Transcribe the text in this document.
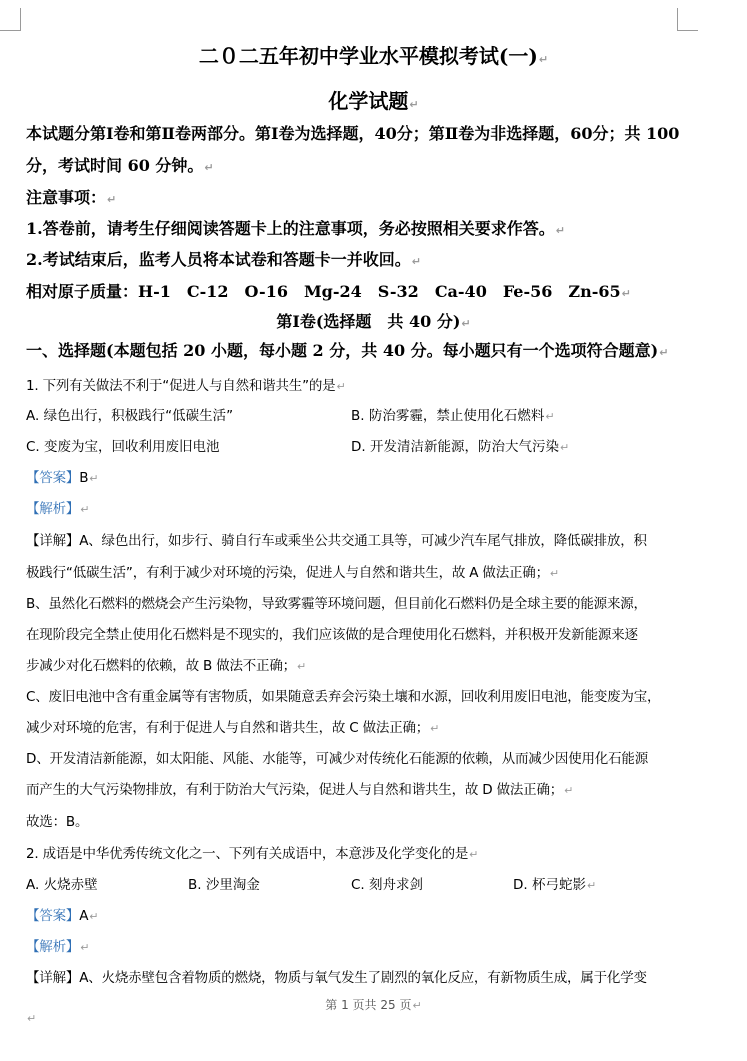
二０二五年初中学业水平模拟考试(一)↵
化学试题↵
本试题分第Ⅰ卷和第Ⅱ卷两部分。第Ⅰ卷为选择题，40分；第Ⅱ卷为非选择题，60分；共 100
分，考试时间 60 分钟。↵
注意事项：↵
1.答卷前，请考生仔细阅读答题卡上的注意事项，务必按照相关要求作答。↵
2.考试结束后，监考人员将本试卷和答题卡一并收回。↵
相对原子质量：H-1　C-12　O-16　Mg-24　S-32　Ca-40　Fe-56　Zn-65↵
第Ⅰ卷(选择题　共 40 分)↵
一、选择题(本题包括 20 小题，每小题 2 分，共 40 分。每小题只有一个选项符合题意)↵
1. 下列有关做法不利于“促进人与自然和谐共生”的是↵
A. 绿色出行，积极践行“低碳生活”	B. 防治雾霾，禁止使用化石燃料↵
C. 变废为宝，回收利用废旧电池	D. 开发清洁新能源，防治大气污染↵
【答案】B↵
【解析】↵
【详解】A、绿色出行，如步行、骑自行车或乘坐公共交通工具等，可减少汽车尾气排放，降低碳排放，积
极践行“低碳生活”，有利于减少对环境的污染，促进人与自然和谐共生，故 A 做法正确；↵
B、虽然化石燃料的燃烧会产生污染物，导致雾霾等环境问题，但目前化石燃料仍是全球主要的能源来源，
在现阶段完全禁止使用化石燃料是不现实的，我们应该做的是合理使用化石燃料，并积极开发新能源来逐
步减少对化石燃料的依赖，故 B 做法不正确；↵
C、废旧电池中含有重金属等有害物质，如果随意丢弃会污染土壤和水源，回收利用废旧电池，能变废为宝，
减少对环境的危害，有利于促进人与自然和谐共生，故 C 做法正确；↵
D、开发清洁新能源，如太阳能、风能、水能等，可减少对传统化石能源的依赖，从而减少因使用化石能源
而产生的大气污染物排放，有利于防治大气污染，促进人与自然和谐共生，故 D 做法正确；↵
故选：B。
2. 成语是中华优秀传统文化之一、下列有关成语中，本意涉及化学变化的是↵
A. 火烧赤壁	B. 沙里淘金	C. 刻舟求剑	D. 杯弓蛇影↵
【答案】A↵
【解析】↵
【详解】A、火烧赤壁包含着物质的燃烧，物质与氧气发生了剧烈的氧化反应，有新物质生成，属于化学变
第 1 页共 25 页↵
↵
